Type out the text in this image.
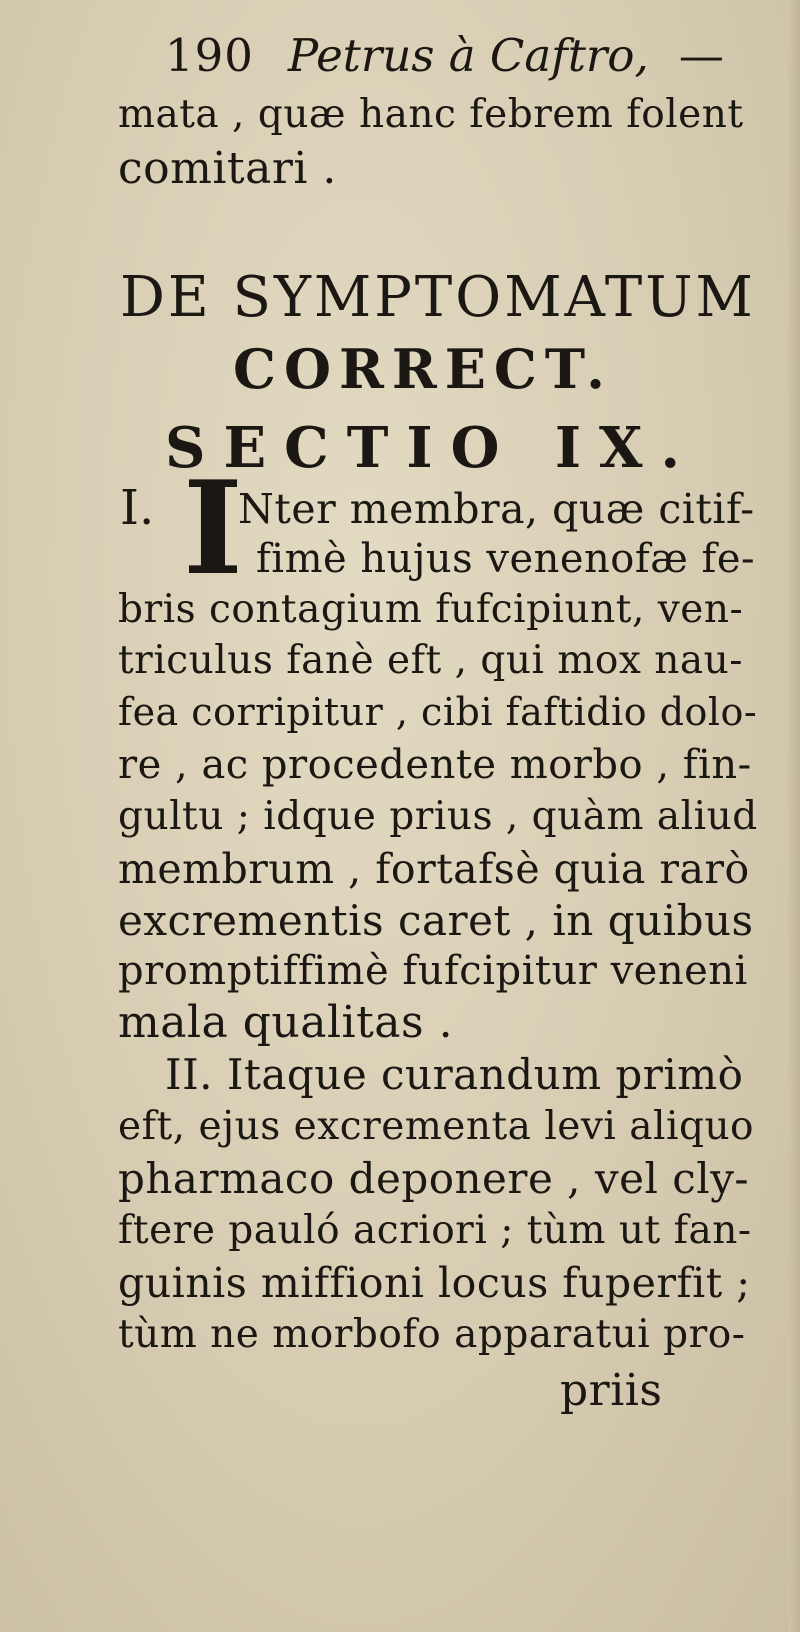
190 Petrus à Caftro, —
mata , quæ hanc febrem folent
comitari .
DE SYMPTOMATUM
CORRECT.
SECTIO IX.
I. I
Nter membra, quæ citif-
fimè hujus venenofæ fe-
bris contagium fufcipiunt, ven-
triculus fanè eft , qui mox nau-
fea corripitur , cibi faftidio dolo-
re , ac procedente morbo , fin-
gultu ; idque prius , quàm aliud
membrum , fortafsè quia rarò
excrementis caret , in quibus
promptiffimè fufcipitur veneni
mala qualitas .
II. Itaque curandum primò
eft, ejus excrementa levi aliquo
pharmaco deponere , vel cly-
ftere pauló acriori ; tùm ut fan-
guinis miffioni locus fuperfit ;
tùm ne morbofo apparatui pro-
priis
